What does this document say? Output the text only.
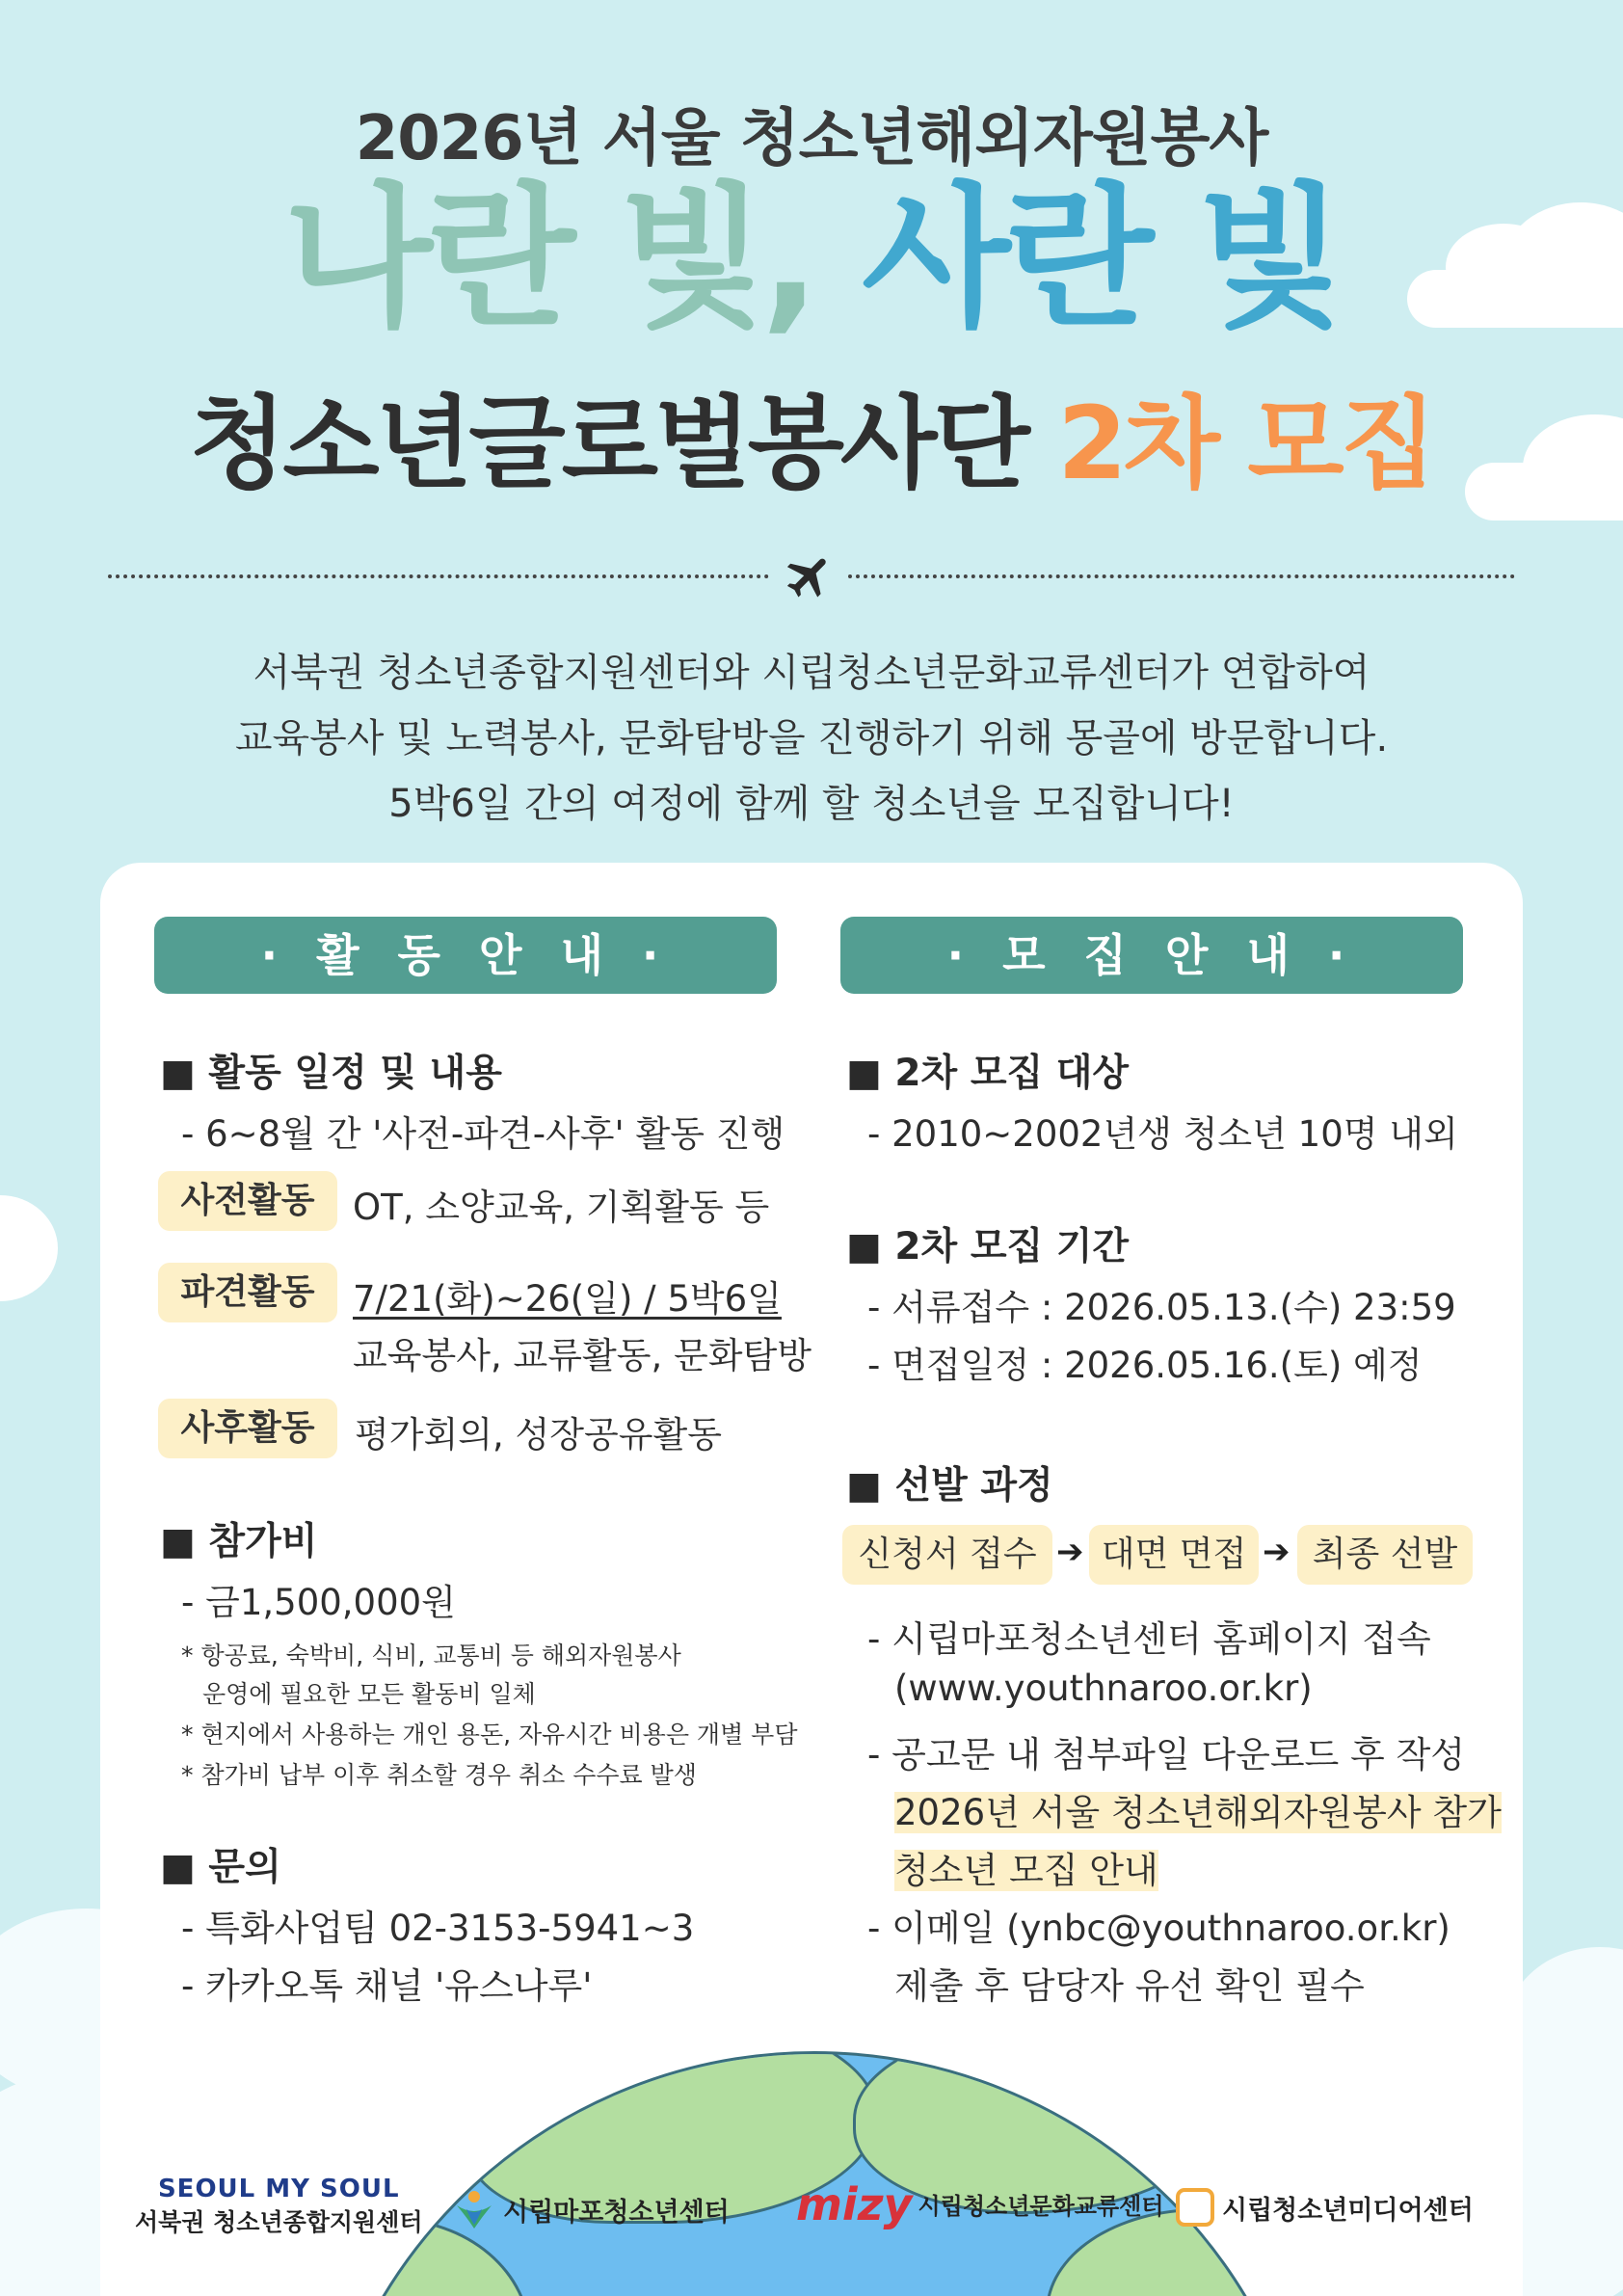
2026년 서울 청소년해외자원봉사
나란 빛, 사란 빛
청소년글로벌봉사단 2차 모집
서북권 청소년종합지원센터와 시립청소년문화교류센터가 연합하여
교육봉사 및 노력봉사, 문화탐방을 진행하기 위해 몽골에 방문합니다.
5박6일 간의 여정에 함께 할 청소년을 모집합니다!
· 활 동 안 내 ·
■ 활동 일정 및 내용
- 6~8월 간 '사전-파견-사후' 활동 진행
사전활동	OT, 소양교육, 기획활동 등
파견활동	7/21(화)~26(일) / 5박6일
교육봉사, 교류활동, 문화탐방
사후활동	평가회의, 성장공유활동
■ 참가비
- 금1,500,000원
* 항공료, 숙박비, 식비, 교통비 등 해외자원봉사
운영에 필요한 모든 활동비 일체
* 현지에서 사용하는 개인 용돈, 자유시간 비용은 개별 부담
* 참가비 납부 이후 취소할 경우 취소 수수료 발생
■ 문의
- 특화사업팀 02-3153-5941~3
- 카카오톡 채널 '유스나루'
· 모 집 안 내 ·
■ 2차 모집 대상
- 2010~2002년생 청소년 10명 내외
■ 2차 모집 기간
- 서류접수 : 2026.05.13.(수) 23:59
- 면접일정 : 2026.05.16.(토) 예정
■ 선발 과정
신청서 접수 ➔ 대면 면접 ➔ 최종 선발
- 시립마포청소년센터 홈페이지 접속
(www.youthnaroo.or.kr)
- 공고문 내 첨부파일 다운로드 후 작성
2026년 서울 청소년해외자원봉사 참가
청소년 모집 안내
- 이메일 (ynbc@youthnaroo.or.kr)
제출 후 담당자 유선 확인 필수
SEOUL MY SOUL
서북권 청소년종합지원센터	시립마포청소년센터 mizy 시립청소년문화교류센터 시립청소년미디어센터
